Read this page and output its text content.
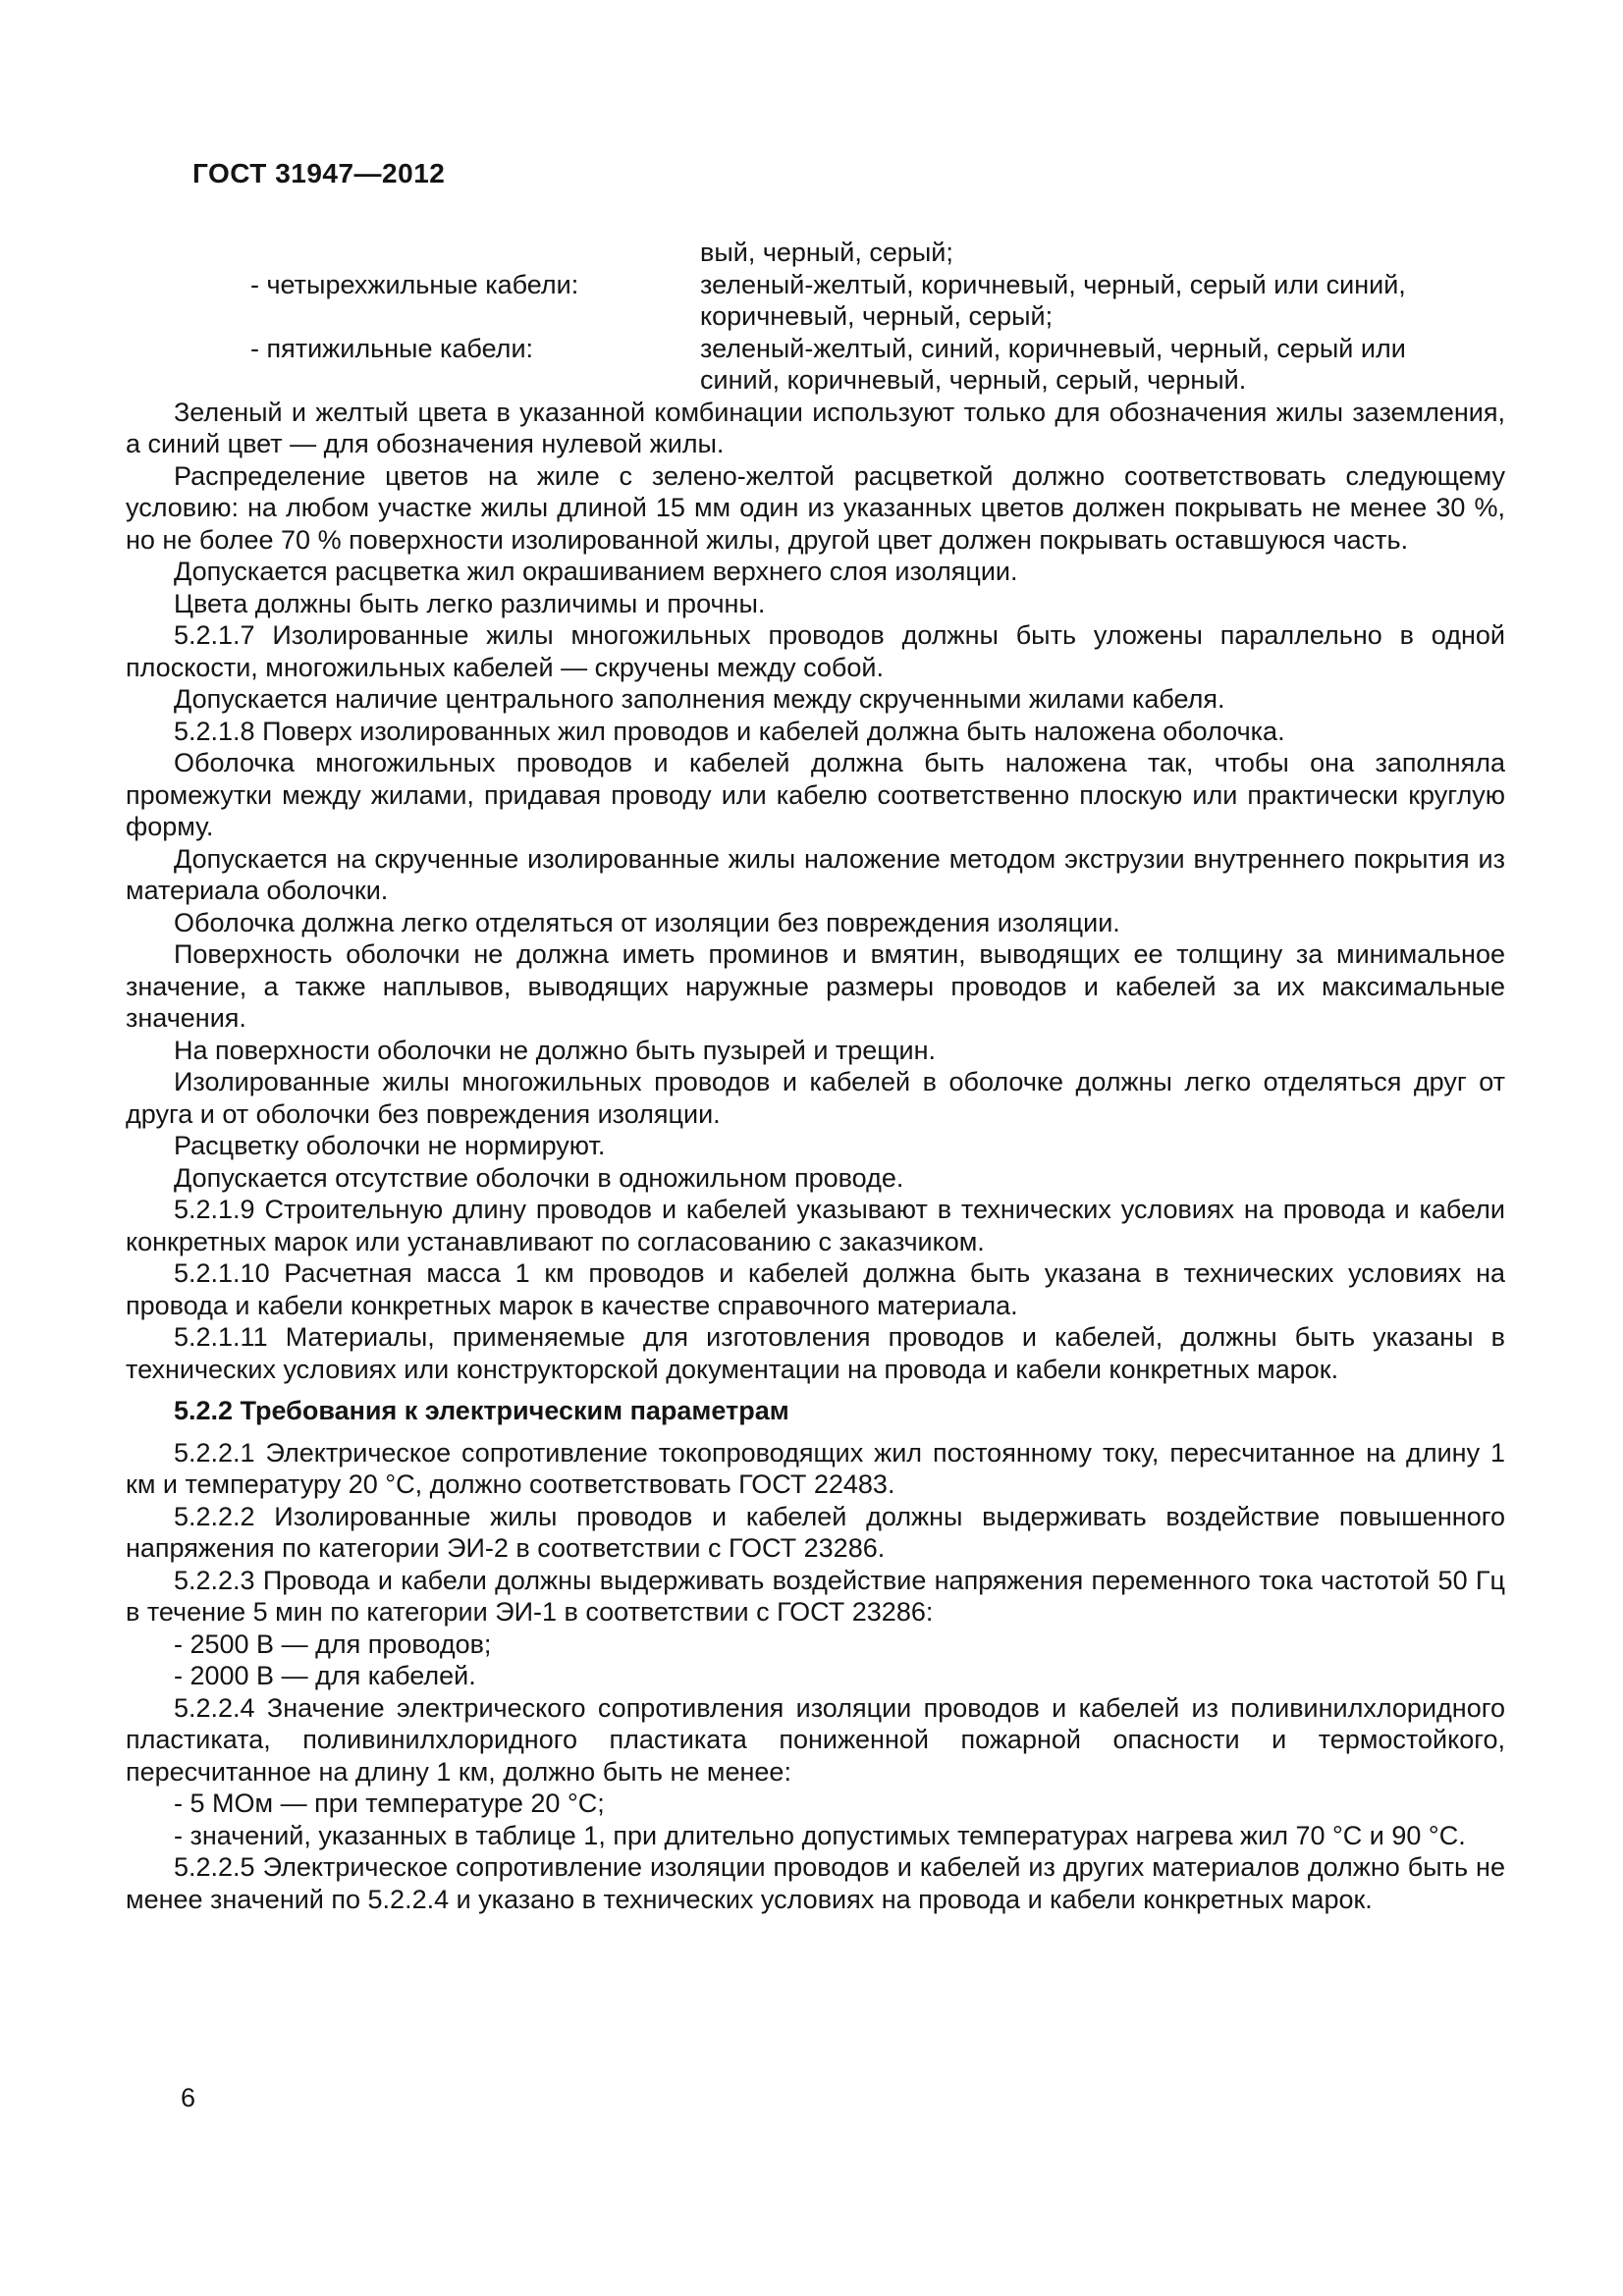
ГОСТ 31947—2012
вый, черный, серый;
- четырехжильные кабели:	зеленый-желтый, коричневый, черный, серый или синий,
коричневый, черный, серый;
- пятижильные кабели:	зеленый-желтый, синий, коричневый, черный, серый или
синий, коричневый, черный, серый, черный.

Зеленый и желтый цвета в указанной комбинации используют только для обозначения жилы заземления, а синий цвет — для обозначения нулевой жилы.

Распределение цветов на жиле с зелено-желтой расцветкой должно соответствовать следующему условию: на любом участке жилы длиной 15 мм один из указанных цветов должен покрывать не менее 30 %, но не более 70 % поверхности изолированной жилы, другой цвет должен покрывать оставшуюся часть.

Допускается расцветка жил окрашиванием верхнего слоя изоляции.

Цвета должны быть легко различимы и прочны.

5.2.1.7 Изолированные жилы многожильных проводов должны быть уложены параллельно в одной плоскости, многожильных кабелей — скручены между собой.

Допускается наличие центрального заполнения между скрученными жилами кабеля.

5.2.1.8 Поверх изолированных жил проводов и кабелей должна быть наложена оболочка.

Оболочка многожильных проводов и кабелей должна быть наложена так, чтобы она заполняла промежутки между жилами, придавая проводу или кабелю соответственно плоскую или практически круглую форму.

Допускается на скрученные изолированные жилы наложение методом экструзии внутреннего покрытия из материала оболочки.

Оболочка должна легко отделяться от изоляции без повреждения изоляции.

Поверхность оболочки не должна иметь проминов и вмятин, выводящих ее толщину за минимальное значение, а также наплывов, выводящих наружные размеры проводов и кабелей за их максимальные значения.

На поверхности оболочки не должно быть пузырей и трещин.

Изолированные жилы многожильных проводов и кабелей в оболочке должны легко отделяться друг от друга и от оболочки без повреждения изоляции.

Расцветку оболочки не нормируют.

Допускается отсутствие оболочки в одножильном проводе.

5.2.1.9 Строительную длину проводов и кабелей указывают в технических условиях на провода и кабели конкретных марок или устанавливают по согласованию с заказчиком.

5.2.1.10 Расчетная масса 1 км проводов и кабелей должна быть указана в технических условиях на провода и кабели конкретных марок в качестве справочного материала.

5.2.1.11 Материалы, применяемые для изготовления проводов и кабелей, должны быть указаны в технических условиях или конструкторской документации на провода и кабели конкретных марок.

5.2.2 Требования к электрическим параметрам

5.2.2.1 Электрическое сопротивление токопроводящих жил постоянному току, пересчитанное на длину 1 км и температуру 20 °С, должно соответствовать ГОСТ 22483.

5.2.2.2 Изолированные жилы проводов и кабелей должны выдерживать воздействие повышенного напряжения по категории ЭИ-2 в соответствии с ГОСТ 23286.

5.2.2.3 Провода и кабели должны выдерживать воздействие напряжения переменного тока частотой 50 Гц в течение 5 мин по категории ЭИ-1 в соответствии с ГОСТ 23286:

- 2500 В — для проводов;

- 2000 В — для кабелей.

5.2.2.4 Значение электрического сопротивления изоляции проводов и кабелей из поливинилхлоридного пластиката, поливинилхлоридного пластиката пониженной пожарной опасности и термостойкого, пересчитанное на длину 1 км, должно быть не менее:

- 5 МОм — при температуре 20 °С;

- значений, указанных в таблице 1, при длительно допустимых температурах нагрева жил 70 °С и 90 °С.

5.2.2.5 Электрическое сопротивление изоляции проводов и кабелей из других материалов должно быть не менее значений по 5.2.2.4 и указано в технических условиях на провода и кабели конкретных марок.

6
